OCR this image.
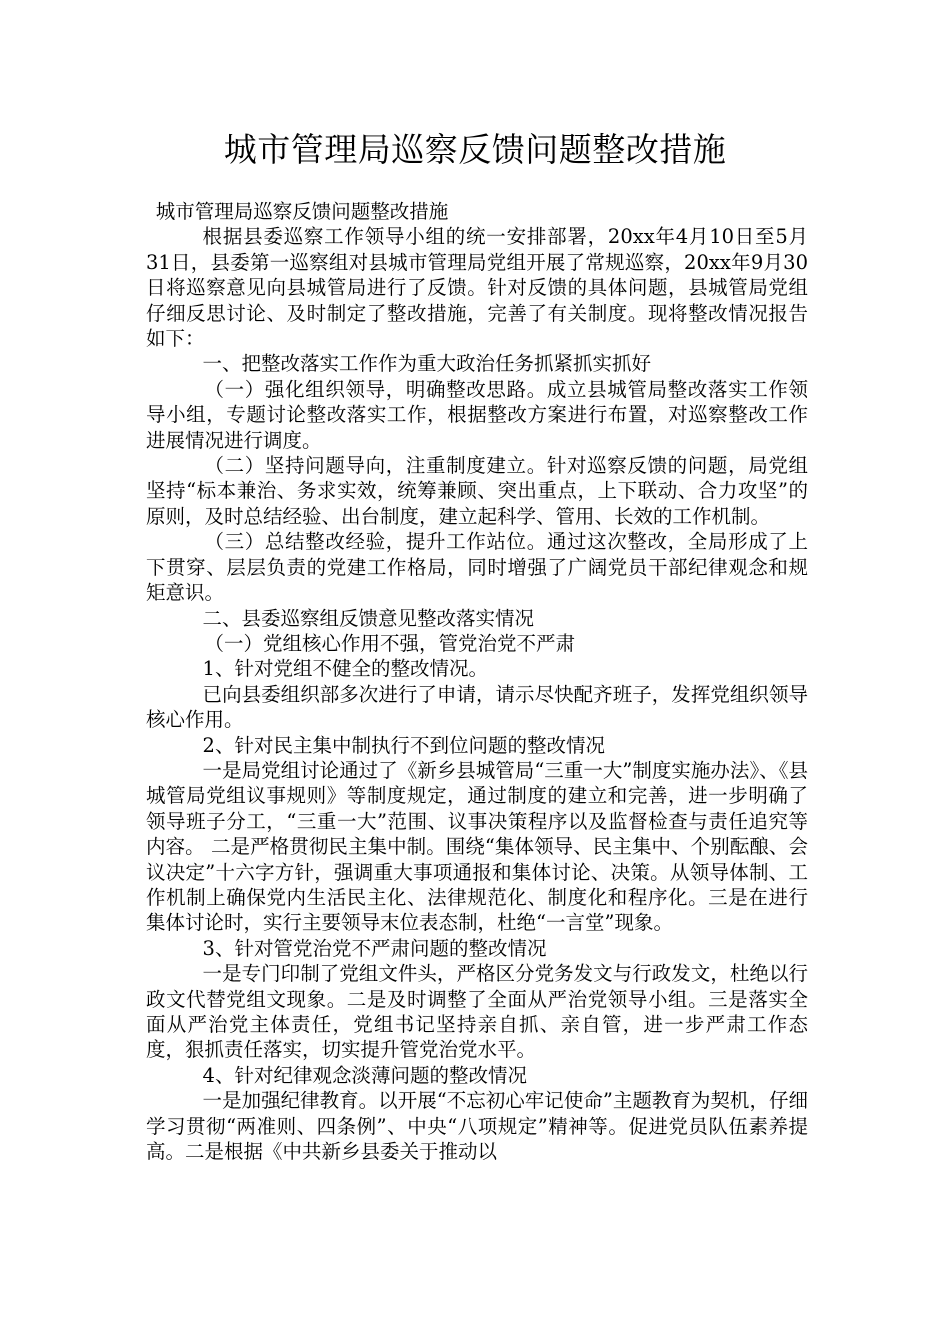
城市管理局巡察反馈问题整改措施

城市管理局巡察反馈问题整改措施

根据县委巡察工作领导小组的统一安排部署，20xx年4月10日至5月31日，县委第一巡察组对县城市管理局党组开展了常规巡察，20xx年9月30日将巡察意见向县城管局进行了反馈。针对反馈的具体问题，县城管局党组仔细反思讨论、及时制定了整改措施，完善了有关制度。现将整改情况报告如下：

一、把整改落实工作作为重大政治任务抓紧抓实抓好

（一）强化组织领导，明确整改思路。成立县城管局整改落实工作领导小组，专题讨论整改落实工作，根据整改方案进行布置，对巡察整改工作进展情况进行调度。

（二）坚持问题导向，注重制度建立。针对巡察反馈的问题，局党组坚持“标本兼治、务求实效，统筹兼顾、突出重点，上下联动、合力攻坚”的原则，及时总结经验、出台制度，建立起科学、管用、长效的工作机制。

（三）总结整改经验，提升工作站位。通过这次整改，全局形成了上下贯穿、层层负责的党建工作格局，同时增强了广阔党员干部纪律观念和规矩意识。

二、县委巡察组反馈意见整改落实情况

（一）党组核心作用不强，管党治党不严肃

1、针对党组不健全的整改情况。

已向县委组织部多次进行了申请，请示尽快配齐班子，发挥党组织领导核心作用。

2、针对民主集中制执行不到位问题的整改情况

一是局党组讨论通过了《新乡县城管局“三重一大”制度实施办法》、《县城管局党组议事规则》等制度规定，通过制度的建立和完善，进一步明确了领导班子分工，“三重一大”范围、议事决策程序以及监督检查与责任追究等内容。 二是严格贯彻民主集中制。围绕“集体领导、民主集中、个别酝酿、会议决定”十六字方针，强调重大事项通报和集体讨论、决策。从领导体制、工作机制上确保党内生活民主化、法律规范化、制度化和程序化。三是在进行集体讨论时，实行主要领导末位表态制，杜绝“一言堂”现象。

3、针对管党治党不严肃问题的整改情况

一是专门印制了党组文件头，严格区分党务发文与行政发文，杜绝以行政文代替党组文现象。二是及时调整了全面从严治党领导小组。三是落实全面从严治党主体责任，党组书记坚持亲自抓、亲自管，进一步严肃工作态度，狠抓责任落实，切实提升管党治党水平。

4、针对纪律观念淡薄问题的整改情况

一是加强纪律教育。以开展“不忘初心牢记使命”主题教育为契机，仔细学习贯彻“两准则、四条例”、中央“八项规定”精神等。促进党员队伍素养提高。二是根据《中共新乡县委关于推动以
